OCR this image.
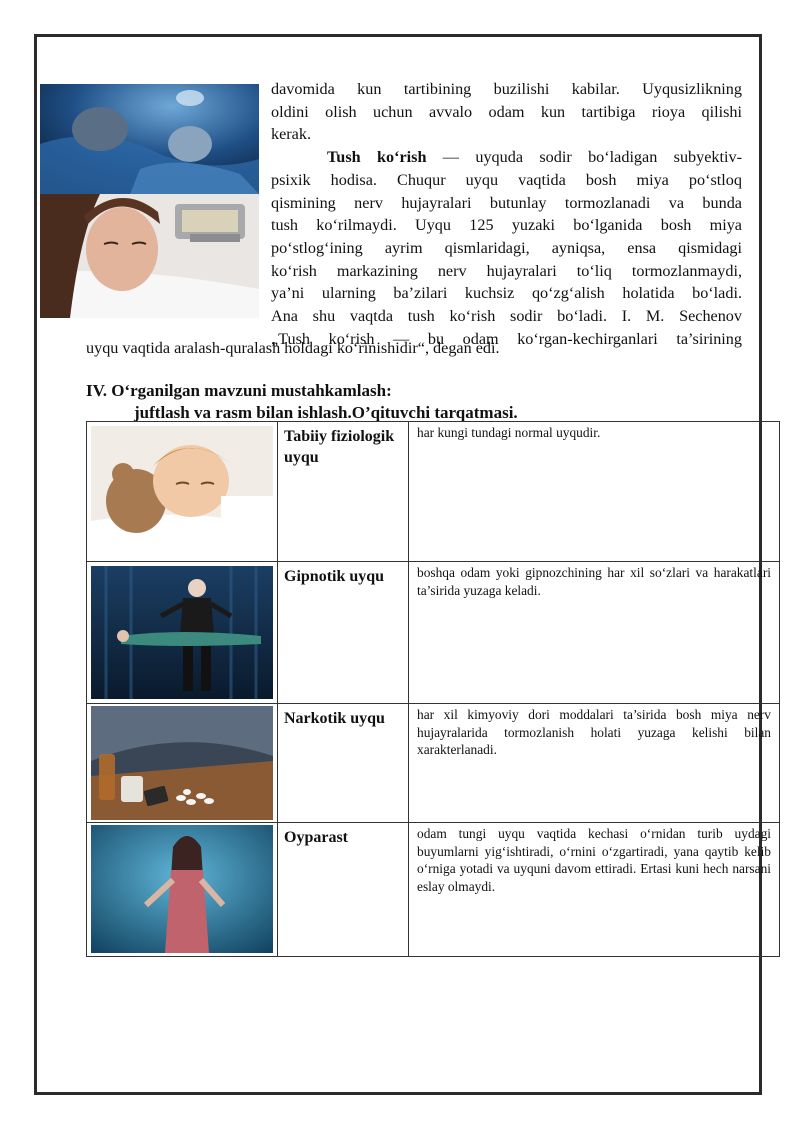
davomida kun tartibining buzilishi kabilar. Uyqusizlikning
oldini olish uchun avvalo odam kun tartibiga rioya qilishi
kerak.
Tush ko‘rish — uyquda sodir bo‘ladigan subyektiv-
psixik hodisa. Chuqur uyqu vaqtida bosh miya po‘stloq
qismining nerv hujayralari butunlay tormozlanadi va bunda
tush ko‘rilmaydi. Uyqu 125 yuzaki bo‘lganida bosh miya
po‘stlog‘ining ayrim qismlaridagi, ayniqsa, ensa qismidagi
ko‘rish markazining nerv hujayralari to‘liq tormozlanmaydi,
ya’ni ularning ba’zilari kuchsiz qo‘zg‘alish holatida bo‘ladi.
Ana shu vaqtda tush ko‘rish sodir bo‘ladi. I. M. Sechenov
„Tush ko‘rish — bu odam ko‘rgan-kechirganlari ta’sirining
uyqu vaqtida aralash-quralash holdagi ko‘rinishidir“, degan edi.
IV. O‘rganilgan mavzuni mustahkamlash:
juftlash va rasm bilan ishlash.O’qituvchi tarqatmasi.
	Tabiiy fiziologik uyqu	har kungi tundagi normal uyqudir.

	Gipnotik uyqu	boshqa odam yoki gipnozchining har xil so‘zlari va harakatlari ta’sirida yuzaga keladi.

	Narkotik uyqu	har xil kimyoviy dori moddalari ta’sirida bosh miya nerv hujayralarida tormozlanish holati yuzaga kelishi bilan xarakterlanadi.

	Oyparast	odam tungi uyqu vaqtida kechasi o‘rnidan turib uydagi buyumlarni yig‘ishtiradi, o‘rnini o‘zgartiradi, yana qaytib kelib o‘rniga yotadi va uyquni davom ettiradi. Ertasi kuni hech narsani eslay olmaydi.
